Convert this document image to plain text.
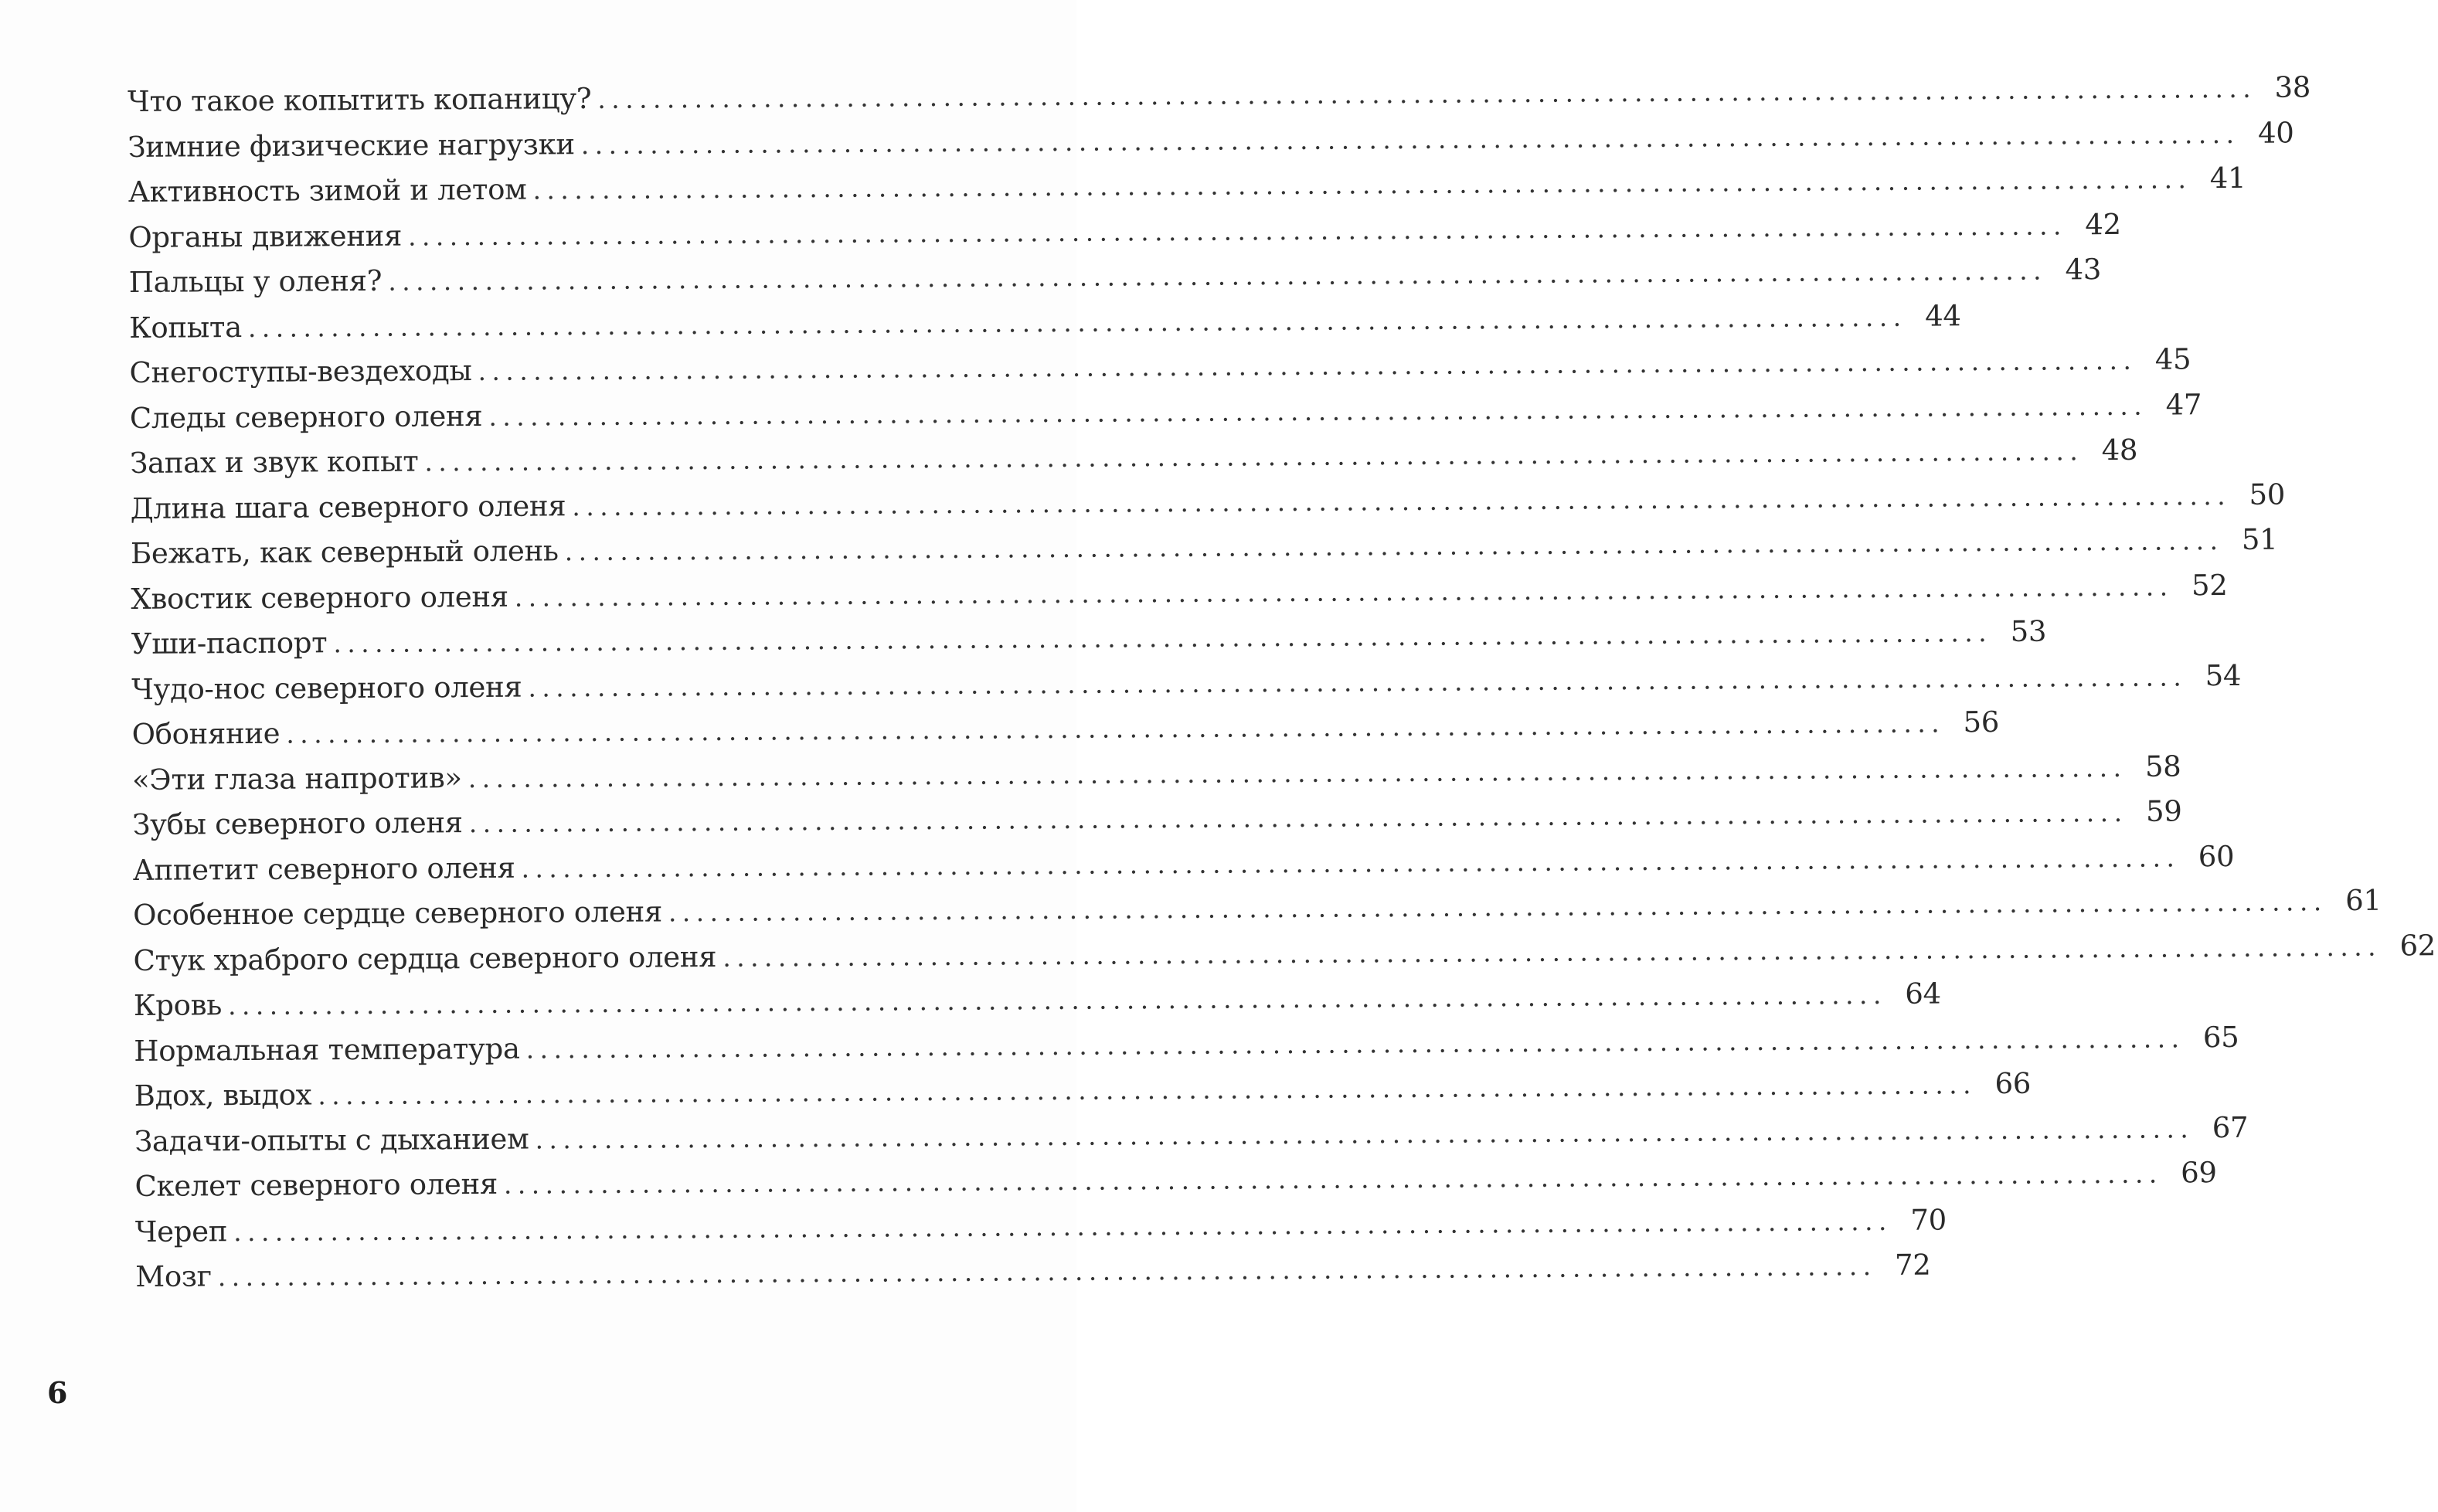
Что такое копытить копаницу? ........................................................................................................................ 38
Зимние физические нагрузки ........................................................................................................................ 40
Активность зимой и летом ........................................................................................................................ 41
Органы движения ........................................................................................................................ 42
Пальцы у оленя? ........................................................................................................................ 43
Копыта ........................................................................................................................ 44
Снегоступы-вездеходы ........................................................................................................................ 45
Следы северного оленя ........................................................................................................................ 47
Запах и звук копыт ........................................................................................................................ 48
Длина шага северного оленя ........................................................................................................................ 50
Бежать, как северный олень ........................................................................................................................ 51
Хвостик северного оленя ........................................................................................................................ 52
Уши-паспорт ........................................................................................................................ 53
Чудо-нос северного оленя ........................................................................................................................ 54
Обоняние ........................................................................................................................ 56
«Эти глаза напротив» ........................................................................................................................ 58
Зубы северного оленя ........................................................................................................................ 59
Аппетит северного оленя ........................................................................................................................ 60
Особенное сердце северного оленя ........................................................................................................................ 61
Стук храброго сердца северного оленя ........................................................................................................................ 62
Кровь ........................................................................................................................ 64
Нормальная температура ........................................................................................................................ 65
Вдох, выдох ........................................................................................................................ 66
Задачи-опыты с дыханием ........................................................................................................................ 67
Скелет северного оленя ........................................................................................................................ 69
Череп ........................................................................................................................ 70
Мозг ........................................................................................................................ 72
6
